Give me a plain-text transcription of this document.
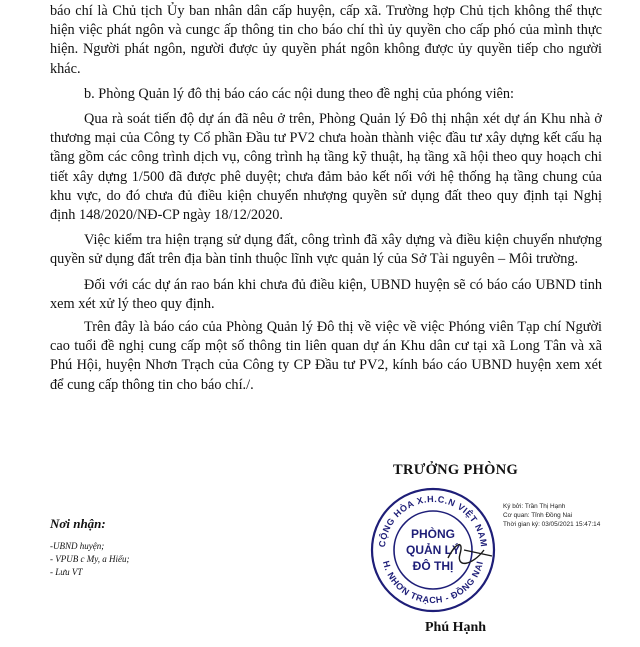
báo chí là Chủ tịch Ủy ban nhân dân cấp huyện, cấp xã. Trường hợp Chủ tịch không thể thực hiện việc phát ngôn và cungc ấp thông tin cho báo chí thì ủy quyền cho cấp phó của mình thực hiện. Người phát ngôn, người được ủy quyền phát ngôn không được ủy quyền tiếp cho người khác.

b. Phòng Quản lý đô thị báo cáo các nội dung theo đề nghị của phóng viên:

Qua rà soát tiến độ dự án đã nêu ở trên, Phòng Quản lý Đô thị nhận xét dự án Khu nhà ở thương mại của Công ty Cổ phần Đầu tư PV2 chưa hoàn thành việc đầu tư xây dựng kết cấu hạ tầng gồm các công trình dịch vụ, công trình hạ tầng kỹ thuật, hạ tầng xã hội theo quy hoạch chi tiết xây dựng 1/500 đã được phê duyệt; chưa đảm bảo kết nối với hệ thống hạ tầng chung của khu vực, do đó chưa đủ điều kiện chuyển nhượng quyền sử dụng đất theo quy định tại Nghị định 148/2020/NĐ-CP ngày 18/12/2020.

Việc kiểm tra hiện trạng sử dụng đất, công trình đã xây dựng và điều kiện chuyển nhượng quyền sử dụng đất trên địa bàn tỉnh thuộc lĩnh vực quản lý của Sở Tài nguyên – Môi trường.

Đối với các dự án rao bán khi chưa đủ điều kiện, UBND huyện sẽ có báo cáo UBND tỉnh xem xét xử lý theo quy định.

Trên đây là báo cáo của Phòng Quản lý Đô thị về việc về việc Phóng viên Tạp chí Người cao tuổi đề nghị cung cấp một số thông tin liên quan dự án Khu dân cư tại xã Long Tân và xã Phú Hội, huyện Nhơn Trạch của Công ty CP Đầu tư PV2, kính báo cáo UBND huyện xem xét để cung cấp thông tin cho báo chí./.

TRƯỞNG PHÒNG
Nơi nhận:
-UBND huyện;
- VPUB c My, a Hiếu;
- Lưu VT
CỘNG HÒA X.H.C.N VIỆT NAM
H. NHƠN TRẠCH - ĐỒNG NAI
PHÒNG
QUẢN LÝ
ĐÔ THỊ
Phú Hạnh
Ký bởi: Trần Thị Hạnh
Cơ quan: Tỉnh Đồng Nai
Thời gian ký: 03/05/2021 15:47:14
